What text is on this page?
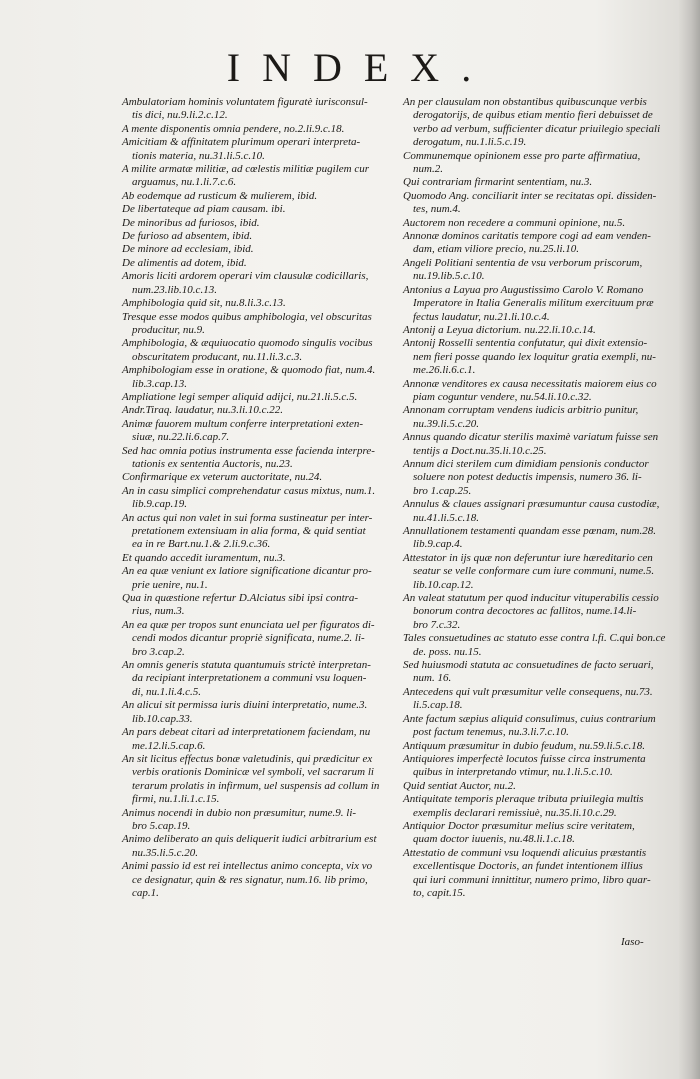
INDEX.

Ambulatoriam hominis voluntatem figuratè iurisconsul-

tis dici, nu.9.li.2.c.12.

A mente disponentis omnia pendere, no.2.li.9.c.18.

Amicitiam & affinitatem plurimum operari interpreta-

tionis materia, nu.31.li.5.c.10.

A milite armatæ militiæ, ad cœlestis militiæ pugilem cur

arguamus, nu.1.li.7.c.6.

Ab eodemque ad rusticum & mulierem, ibid.

De libertateque ad piam causam. ibi.

De minoribus ad furiosos, ibid.

De furioso ad absentem, ibid.

De minore ad ecclesiam, ibid.

De alimentis ad dotem, ibid.

Amoris liciti ardorem operari vim clausulæ codicillaris,

num.23.lib.10.c.13.

Amphibologia quid sit, nu.8.li.3.c.13.

Tresque esse modos quibus amphibologia, vel obscuritas

producitur, nu.9.

Amphibologia, & æquiuocatio quomodo singulis vocibus

obscuritatem producant, nu.11.li.3.c.3.

Amphibologiam esse in oratione, & quomodo fiat, num.4.

lib.3.cap.13.

Ampliatione legi semper aliquid adijci, nu.21.li.5.c.5.

Andr.Tiraq. laudatur, nu.3.li.10.c.22.

Animæ fauorem multum conferre interpretationi exten-

siuæ, nu.22.li.6.cap.7.

Sed hac omnia potius instrumenta esse facienda interpre-

tationis ex sententia Auctoris, nu.23.

Confirmarique ex veterum auctoritate, nu.24.

An in casu simplici comprehendatur casus mixtus, num.1.

lib.9.cap.19.

An actus qui non valet in sui forma sustineatur per inter-

pretationem extensiuam in alia forma, & quid sentiat

ea in re Bart.nu.1.& 2.li.9.c.36.

Et quando accedit iuramentum, nu.3.

An ea quæ veniunt ex latiore significatione dicantur pro-

prie uenire, nu.1.

Qua in quæstione refertur D.Alciatus sibi ipsi contra-

rius, num.3.

An ea quæ per tropos sunt enunciata uel per figuratos di-

cendi modos dicantur propriè significata, nume.2. li-

bro 3.cap.2.

An omnis generis statuta quantumuis strictè interpretan-

da recipiant interpretationem a communi vsu loquen-

di, nu.1.li.4.c.5.

An alicui sit permissa iuris diuini interpretatio, nume.3.

lib.10.cap.33.

An pars debeat citari ad interpretationem faciendam, nu

me.12.li.5.cap.6.

An sit licitus effectus bonæ valetudinis, qui prædicitur ex

verbis orationis Dominicæ vel symboli, vel sacrarum li

terarum prolatis in infirmum, uel suspensis ad collum in

firmi, nu.1.li.1.c.15.

Animus nocendi in dubio non præsumitur, nume.9. li-

bro 5.cap.19.

Animo deliberato an quis deliquerit iudici arbitrarium est

nu.35.li.5.c.20.

Animi passio id est rei intellectus animo concepta, vix vo

ce designatur, quin & res signatur, num.16. lib primo,

cap.1.

An per clausulam non obstantibus quibuscunque verbis

derogatorijs, de quibus etiam mentio fieri debuisset de

verbo ad verbum, sufficienter dicatur priuilegio speciali

derogatum, nu.1.li.5.c.19.

Communemque opinionem esse pro parte affirmatiua,

num.2.

Qui contrariam firmarint sententiam, nu.3.

Quomodo Ang. conciliarit inter se recitatas opi. dissiden-

tes, num.4.

Auctorem non recedere a communi opinione, nu.5.

Annonæ dominos caritatis tempore cogi ad eam venden-

dam, etiam viliore precio, nu.25.li.10.

Angeli Politiani sententia de vsu verborum priscorum,

nu.19.lib.5.c.10.

Antonius a Layua pro Augustissimo Carolo V. Romano

Imperatore in Italia Generalis militum exercituum præ

fectus laudatur, nu.21.li.10.c.4.

Antonij a Leyua dictorium. nu.22.li.10.c.14.

Antonij Rosselli sententia confutatur, qui dixit extensio-

nem fieri posse quando lex loquitur gratia exempli, nu-

me.26.li.6.c.1.

Annonæ venditores ex causa necessitatis maiorem eius co

piam coguntur vendere, nu.54.li.10.c.32.

Annonam corruptam vendens iudicis arbitrio punitur,

nu.39.li.5.c.20.

Annus quando dicatur sterilis maximè variatum fuisse sen

tentijs a Doct.nu.35.li.10.c.25.

Annum dici sterilem cum dimidiam pensionis conductor

soluere non potest deductis impensis, numero 36. li-

bro 1.cap.25.

Annulus & claues assignari præsumuntur causa custodiæ,

nu.41.li.5.c.18.

Annullationem testamenti quandam esse pœnam, num.28.

lib.9.cap.4.

Attestator in ijs quæ non deferuntur iure hæreditario cen

seatur se velle conformare cum iure communi, nume.5.

lib.10.cap.12.

An valeat statutum per quod inducitur vituperabilis cessio

bonorum contra decoctores ac fallitos, nume.14.li-

bro 7.c.32.

Tales consuetudines ac statuto esse contra l.fi. C.qui bon.ce

de. poss. nu.15.

Sed huiusmodi statuta ac consuetudines de facto seruari,

num. 16.

Antecedens qui vult præsumitur velle consequens, nu.73.

li.5.cap.18.

Ante factum sæpius aliquid consulimus, cuius contrarium

post factum tenemus, nu.3.li.7.c.10.

Antiquum præsumitur in dubio feudum, nu.59.li.5.c.18.

Antiquiores imperfectè locutos fuisse circa instrumenta

quibus in interpretando vtimur, nu.1.li.5.c.10.

Quid sentiat Auctor, nu.2.

Antiquitate temporis pleraque tributa priuilegia multis

exemplis declarari remissiuè, nu.35.li.10.c.29.

Antiquior Doctor præsumitur melius scire veritatem,

quam doctor iuuenis, nu.48.li.1.c.18.

Attestatio de communi vsu loquendi alicuius præstantis

excellentisque Doctoris, an fundet intentionem illius

qui iuri communi innittitur, numero primo, libro quar-

to, capit.15.

Iaso-
